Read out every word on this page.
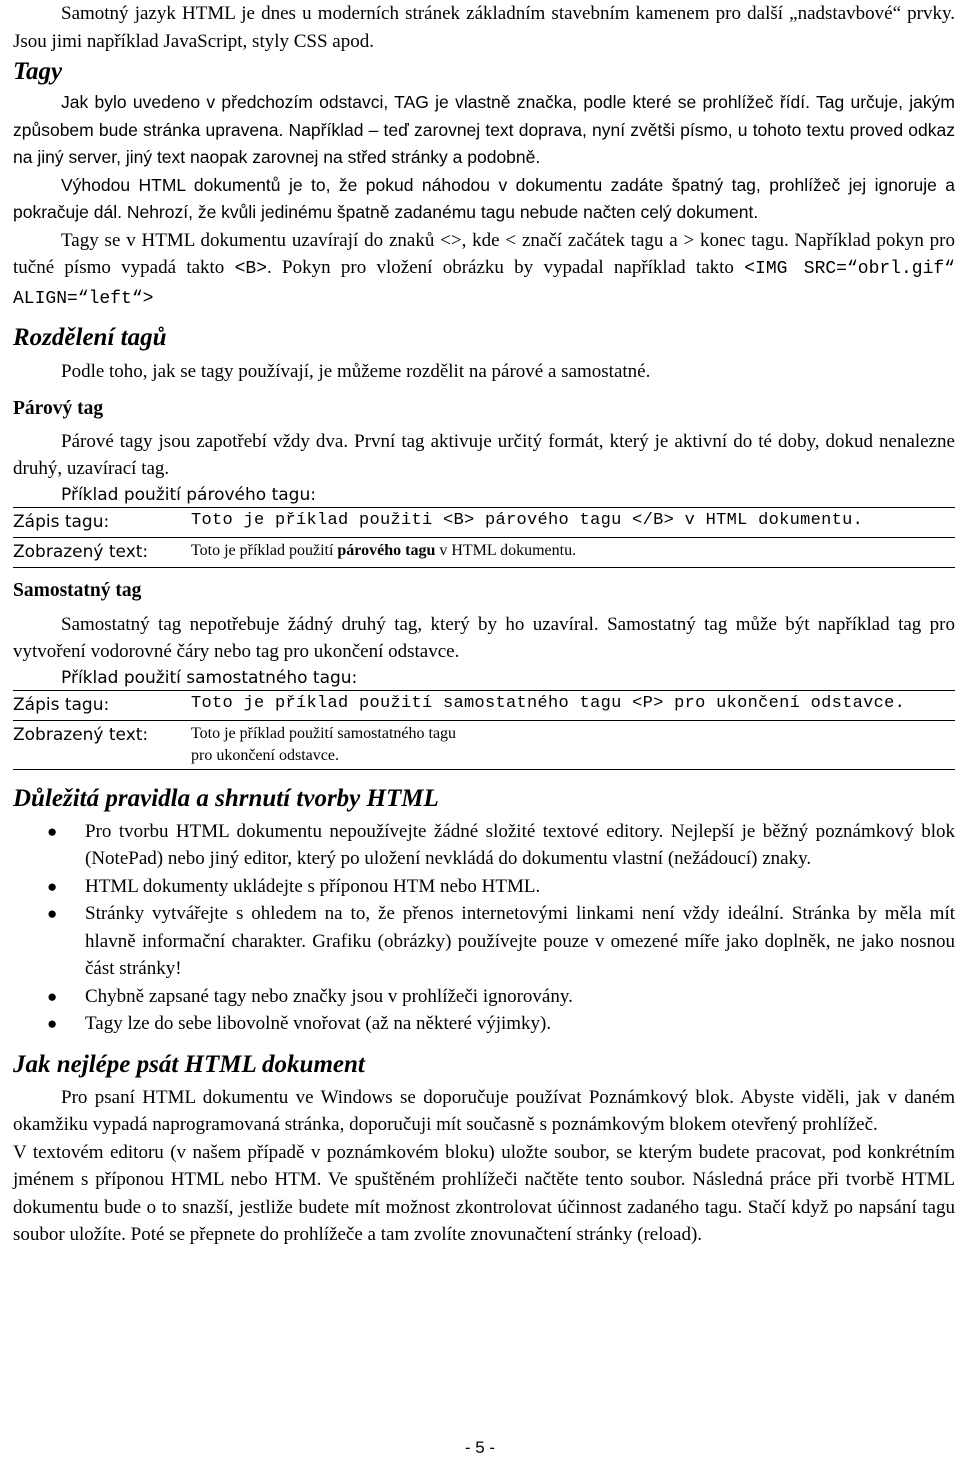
Samotný jazyk HTML je dnes u moderních stránek základním stavebním kamenem pro další „nadstavbové“ prvky. Jsou jimi například JavaScript, styly CSS apod.

Tagy

Jak bylo uvedeno v předchozím odstavci, TAG je vlastně značka, podle které se prohlížeč řídí. Tag určuje, jakým způsobem bude stránka upravena. Například – teď zarovnej text doprava, nyní zvětši písmo, u tohoto textu proved odkaz na jiný server, jiný text naopak zarovnej na střed stránky a podobně.

Výhodou HTML dokumentů je to, že pokud náhodou v dokumentu zadáte špatný tag, prohlížeč jej ignoruje a pokračuje dál. Nehrozí, že kvůli jedinému špatně zadanému tagu nebude načten celý dokument.

Tagy se v HTML dokumentu uzavírají do znaků <>, kde < značí začátek tagu a > konec tagu. Například pokyn pro tučné písmo vypadá takto <B>. Pokyn pro vložení obrázku by vypadal například takto <IMG SRC=“obrl.gif“ ALIGN=“left“>

Rozdělení tagů

Podle toho, jak se tagy používají, je můžeme rozdělit na párové a samostatné.

Párový tag

Párové tagy jsou zapotřebí vždy dva. První tag aktivuje určitý formát, který je aktivní do té doby, dokud nenalezne druhý, uzavírací tag.

Příklad použití párového tagu:
Zápis tagu:	Toto je příklad použiti <B> párového tagu </B> v HTML dokumentu.
Zobrazený text:	Toto je příklad použití párového tagu v HTML dokumentu.
Samostatný tag

Samostatný tag nepotřebuje žádný druhý tag, který by ho uzavíral. Samostatný tag může být například tag pro vytvoření vodorovné čáry nebo tag pro ukončení odstavce.

Příklad použití samostatného tagu:
Zápis tagu:	Toto je příklad použití samostatného tagu <P> pro ukončení odstavce.
Zobrazený text:	Toto je příklad použití samostatného tagu
pro ukončení odstavce.
Důležitá pravidla a shrnutí tvorby HTML
● Pro tvorbu HTML dokumentu nepoužívejte žádné složité textové editory. Nejlepší je běžný poznámkový blok (NotePad) nebo jiný editor, který po uložení nevkládá do dokumentu vlastní (nežádoucí) znaky.
● HTML dokumenty ukládejte s příponou HTM nebo HTML.
● Stránky vytvářejte s ohledem na to, že přenos internetovými linkami není vždy ideální. Stránka by měla mít hlavně informační charakter. Grafiku (obrázky) používejte pouze v omezené míře jako doplněk, ne jako nosnou část stránky!
● Chybně zapsané tagy nebo značky jsou v prohlížeči ignorovány.
● Tagy lze do sebe libovolně vnořovat (až na některé výjimky).
Jak nejlépe psát HTML dokument

Pro psaní HTML dokumentu ve Windows se doporučuje používat Poznámkový blok. Abyste viděli, jak v daném okamžiku vypadá naprogramovaná stránka, doporučuji mít současně s poznámkovým blokem otevřený prohlížeč.

V textovém editoru (v našem případě v poznámkovém bloku) uložte soubor, se kterým budete pracovat, pod konkrétním jménem s příponou HTML nebo HTM. Ve spuštěném prohlížeči načtěte tento soubor. Následná práce při tvorbě HTML dokumentu bude o to snazší, jestliže budete mít možnost zkontrolovat účinnost zadaného tagu. Stačí když po napsání tagu soubor uložíte. Poté se přepnete do prohlížeče a tam zvolíte znovunačtení stránky (reload).

- 5 -
